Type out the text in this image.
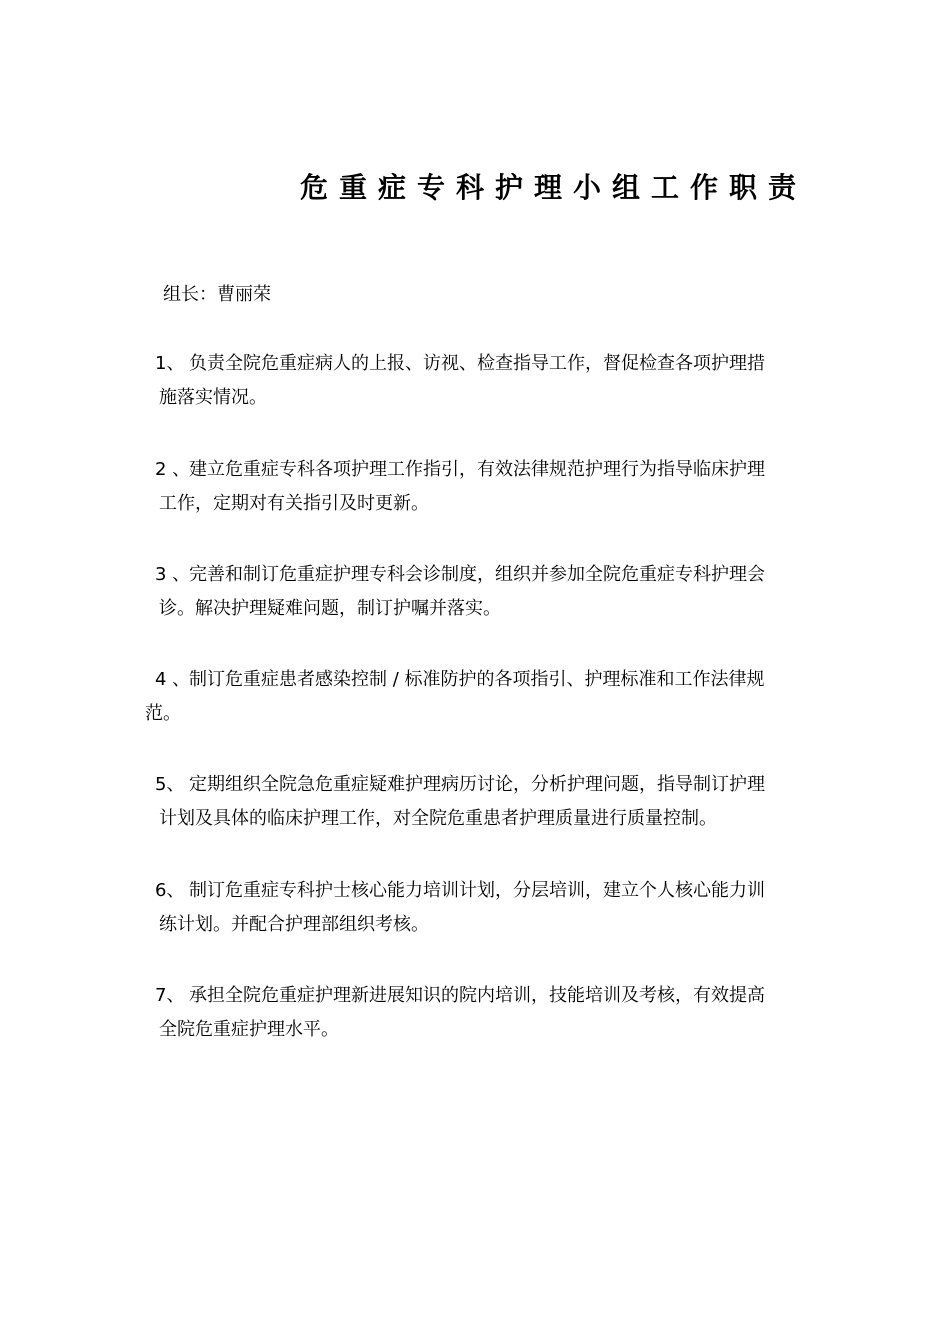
危重症专科护理小组工作职责
组长：曹丽荣
1、 负责全院危重症病人的上报、访视、检查指导工作，督促检查各项护理措
施落实情况。
2 、建立危重症专科各项护理工作指引，有效法律规范护理行为指导临床护理
工作，定期对有关指引及时更新。
3 、完善和制订危重症护理专科会诊制度，组织并参加全院危重症专科护理会
诊。解决护理疑难问题，制订护嘱并落实。
4 、制订危重症患者感染控制 / 标准防护的各项指引、护理标准和工作法律规
范。
5、 定期组织全院急危重症疑难护理病历讨论，分析护理问题，指导制订护理
计划及具体的临床护理工作，对全院危重患者护理质量进行质量控制。
6、 制订危重症专科护士核心能力培训计划，分层培训，建立个人核心能力训
练计划。并配合护理部组织考核。
7、 承担全院危重症护理新进展知识的院内培训，技能培训及考核，有效提高
全院危重症护理水平。
